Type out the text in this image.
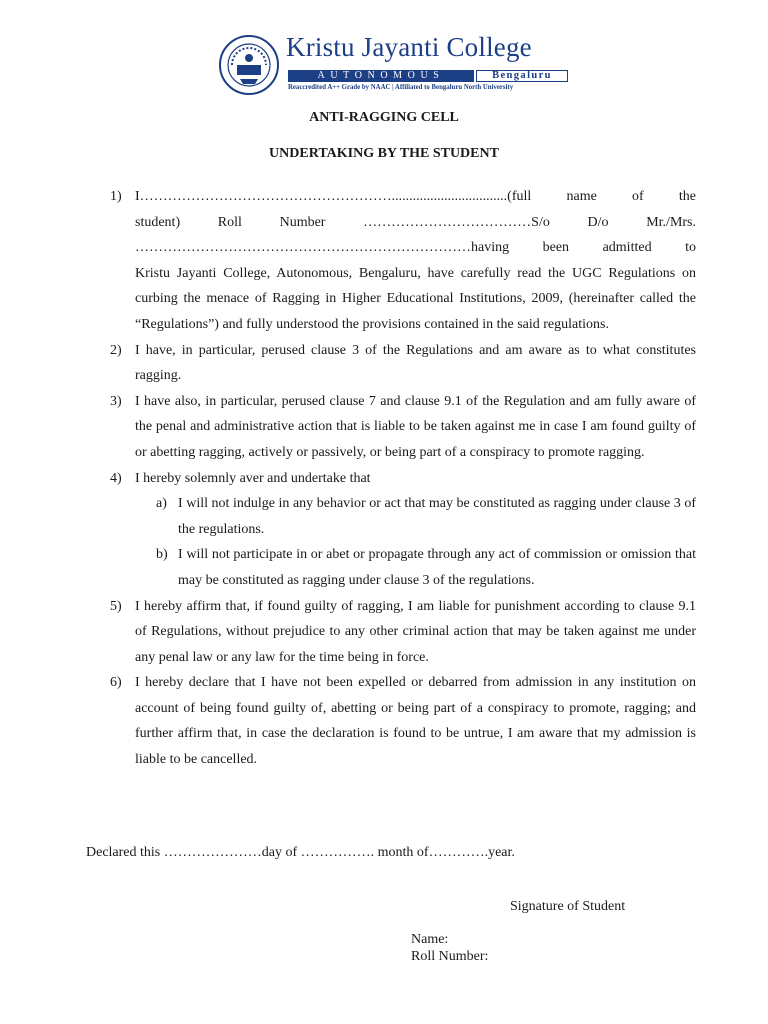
Kristu Jayanti College
AUTONOMOUS	Bengaluru
Reaccredited A++ Grade by NAAC | Affiliated to Bengaluru North University
ANTI-RAGGING CELL
UNDERTAKING BY THE STUDENT
1) I……………………………………………….................................(full name of the
student) Roll Number ………………………………S/o D/o Mr./Mrs.
………………………………………………………………having been admitted to
Kristu Jayanti College, Autonomous, Bengaluru, have carefully read the UGC Regulations on curbing the menace of Ragging in Higher Educational Institutions, 2009, (hereinafter called the “Regulations”) and fully understood the provisions contained in the said regulations.
2) I have, in particular, perused clause 3 of the Regulations and am aware as to what constitutes ragging.
3) I have also, in particular, perused clause 7 and clause 9.1 of the Regulation and am fully aware of the penal and administrative action that is liable to be taken against me in case I am found guilty of or abetting ragging, actively or passively, or being part of a conspiracy to promote ragging.
4) I hereby solemnly aver and undertake that
a) I will not indulge in any behavior or act that may be constituted as ragging under clause 3 of the regulations.
b) I will not participate in or abet or propagate through any act of commission or omission that may be constituted as ragging under clause 3 of the regulations.
5) I hereby affirm that, if found guilty of ragging, I am liable for punishment according to clause 9.1 of Regulations, without prejudice to any other criminal action that may be taken against me under any penal law or any law for the time being in force.
6) I hereby declare that I have not been expelled or debarred from admission in any institution on account of being found guilty of, abetting or being part of a conspiracy to promote, ragging; and further affirm that, in case the declaration is found to be untrue, I am aware that my admission is liable to be cancelled.
Declared this …………………day of ……………. month of………….year.
Signature of Student
Name:
Roll Number:
